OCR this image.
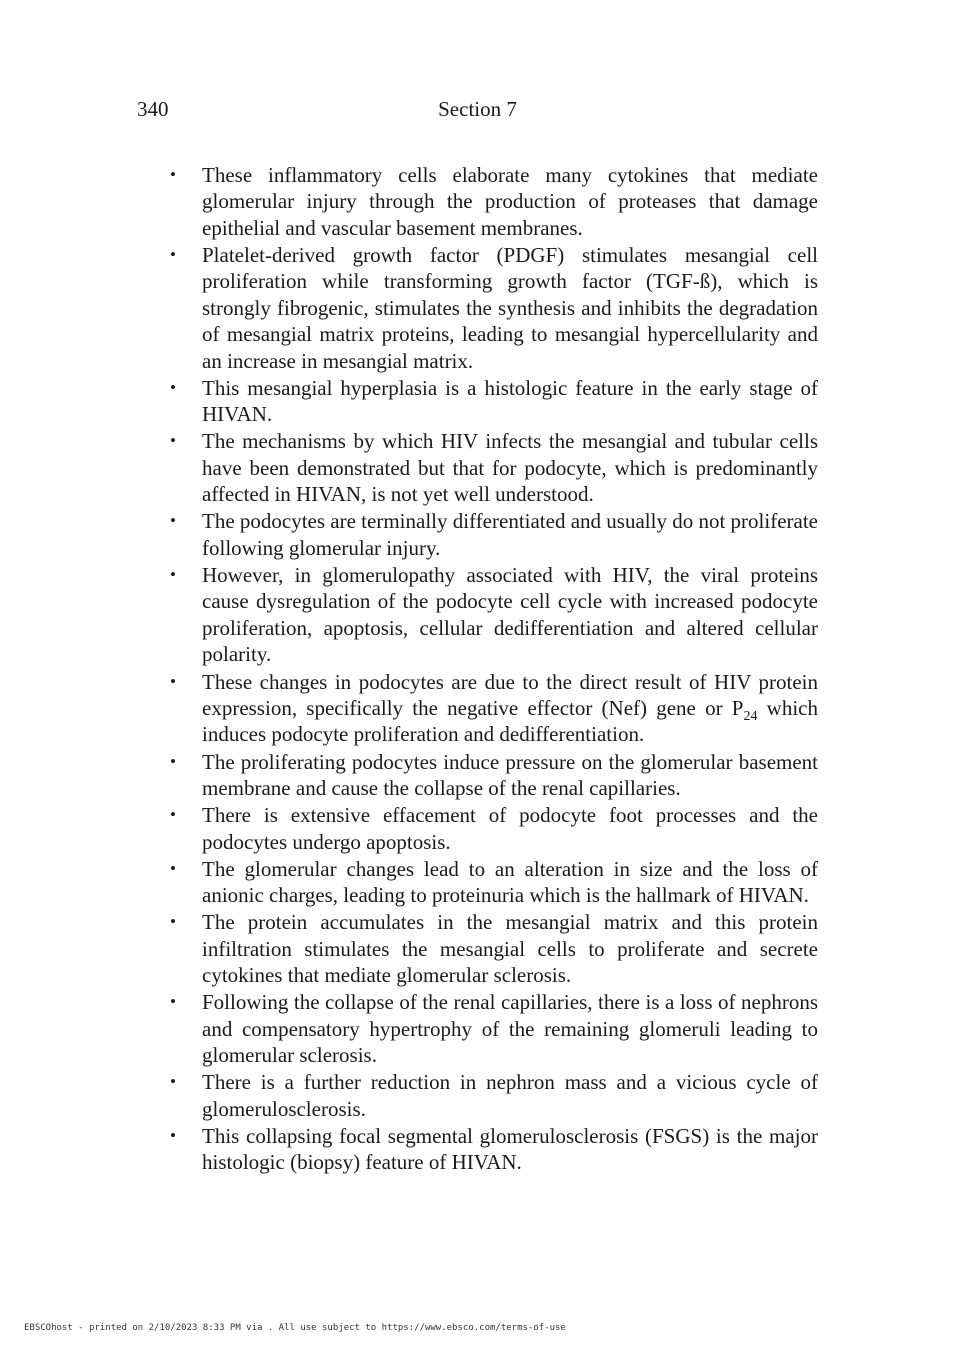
340	Section 7
• These inflammatory cells elaborate many cytokines that mediate glomerular injury through the production of proteases that damage epithelial and vascular basement membranes.
• Platelet-derived growth factor (PDGF) stimulates mesangial cell proliferation while transforming growth factor (TGF-ß), which is strongly fibrogenic, stimulates the synthesis and inhibits the degradation of mesangial matrix proteins, leading to mesangial hypercellularity and an increase in mesangial matrix.
• This mesangial hyperplasia is a histologic feature in the early stage of HIVAN.
• The mechanisms by which HIV infects the mesangial and tubular cells have been demonstrated but that for podocyte, which is predominantly affected in HIVAN, is not yet well understood.
• The podocytes are terminally differentiated and usually do not proliferate following glomerular injury.
• However, in glomerulopathy associated with HIV, the viral proteins cause dysregulation of the podocyte cell cycle with increased podocyte proliferation, apoptosis, cellular dedifferentiation and altered cellular polarity.
• These changes in podocytes are due to the direct result of HIV protein expression, specifically the negative effector (Nef) gene or $P_{24}$ which induces podocyte proliferation and dedifferentiation.
• The proliferating podocytes induce pressure on the glomerular basement membrane and cause the collapse of the renal capillaries.
• There is extensive effacement of podocyte foot processes and the podocytes undergo apoptosis.
• The glomerular changes lead to an alteration in size and the loss of anionic charges, leading to proteinuria which is the hallmark of HIVAN.
• The protein accumulates in the mesangial matrix and this protein infiltration stimulates the mesangial cells to proliferate and secrete cytokines that mediate glomerular sclerosis.
• Following the collapse of the renal capillaries, there is a loss of nephrons and compensatory hypertrophy of the remaining glomeruli leading to glomerular sclerosis.
• There is a further reduction in nephron mass and a vicious cycle of glomerulosclerosis.
• This collapsing focal segmental glomerulosclerosis (FSGS) is the major histologic (biopsy) feature of HIVAN.
EBSCOhost - printed on 2/10/2023 8:33 PM via . All use subject to https://www.ebsco.com/terms-of-use
